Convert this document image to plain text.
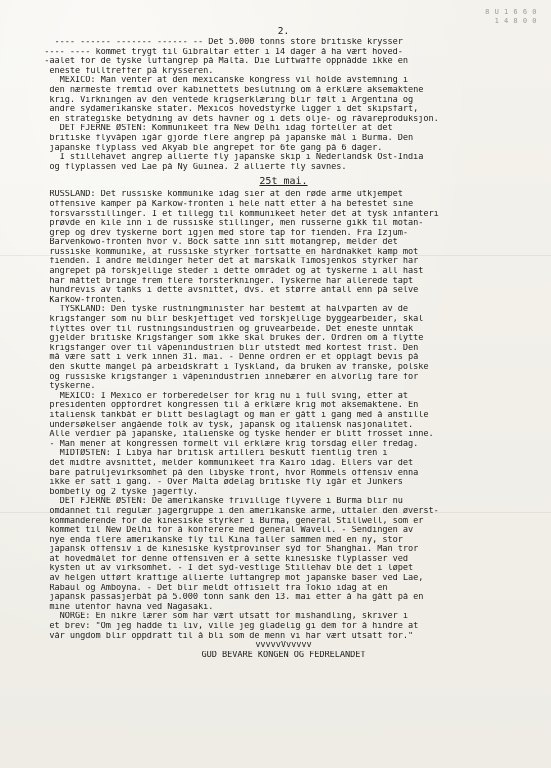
8 U 1 6 6 0
1 4 8 0 0
2.
---- ------ ------- ------ -- Det 5.000 tonns store britiske krysser
---- ---- kommet trygt til Gibraltar etter i 14 dager å ha vært hoved-
-aalet for de tyske luftangrep på Malta. Die Luftwaffe oppnådde ikke en
eneste fulltreffer på krysseren.
MEXICO: Man venter at den mexicanske kongress vil holde avstemning i
den nærmeste fremtid over kabinettets beslutning om å erklære aksemaktene
krig. Virkningen av den ventede krigserklæring blir følt i Argentina og
andre sydamerikanske stater. Mexicos hovedstyrke ligger i det skipsfart,
en strategiske betydning av dets havner og i dets olje- og råvareproduksjon.
DET FJERNE ØSTEN: Kommunikeet fra New Delhi idag forteller at det
britiske flyvåpen igår gjorde flere angrep på japanske mål i Burma. Den
japanske flyplass ved Akyab ble angrepet for 6te gang på 6 dager.
I stillehavet angrep allierte fly japanske skip i Nederlandsk Ost-India
og flyplassen ved Lae på Ny Guinea. 2 allierte fly savnes.
25t mai.
RUSSLAND: Det russiske kommunike idag sier at den røde armé utkjempet
offensive kamper på Karkow-fronten i hele natt etter å ha befestet sine
forsvarsstillinger. I et tillegg til kommunikeet heter det at tysk infanteri
prøvde en kile inn i de russiske stillinger, men russerne gikk til motan-
grep og drev tyskerne bort igjen med store tap for fienden. Fra Izjum-
Barvenkowo-fronten hvor v. Bock satte inn sitt motangrep, melder det
russiske kommunike, at russiske styrker fortsatte en hårdnakket kamp mot
fienden. I andre meldinger heter det at marskalk Timosjenkos styrker har
angrepet på forskjellige steder i dette området og at tyskerne i all hast
har måttet bringe frem flere forsterkninger. Tyskerne har allerede tapt
hundrevis av tanks i dette avsnittet, dvs. et større antall enn på selve
Karkow-fronten.
TYSKLAND: Den tyske rustningminister har bestemt at halvparten av de
krigsfanger som nu blir beskjeftiget ved forskjellige byggearbeider, skal
flyttes over til rustningsindustrien og gruvearbeide. Det eneste unntak
gjelder britiske Krigsfanger som ikke skal brukes der. Ordren om å flytte
krigsfanger over til våpenindustrien blir utstedt med kortest frist. Den
må være satt i verk innen 31. mai. - Denne ordren er et opplagt bevis på
den skutte mangel på arbeidskraft i Tyskland, da bruken av franske, polske
og russiske krigsfanger i våpenindustrien innebærer en alvorlig fare for
tyskerne.
MEXICO: I Mexico er forberedelser for krig nu i full sving, etter at
presidenten oppfordret kongressen til å erklære krig mot aksemaktene. En
italiensk tankbåt er blitt beslaglagt og man er gått i gang med å anstille
undersøkelser angående folk av tysk, japansk og italiensk nasjonalitet.
Alle verdier på japanske, italienske og tyske hender er blitt frosset inne.
- Man mener at kongressen formelt vil erklære krig torsdag eller fredag.
MIDTØSTEN: I Libya har britisk artilleri beskutt fientlig tren i
det midtre avsnittet, melder kommunikeet fra Kairo idag. Ellers var det
bare patruljevirksomhet på den libyske front, hvor Rommels offensiv enna
ikke er satt i gang. - Over Malta ødelag britiske fly igår et Junkers
bombefly og 2 tyske jagerfly.
DET FJERNE ØSTEN: De amerikanske frivillige flyvere i Burma blir nu
omdannet til regulær jagergruppe i den amerikanske armé, uttaler den øverst-
kommanderende for de kinesiske styrker i Burma, general Stillwell, som er
kommet til New Delhi for å konferere med general Wavell. - Sendingen av
nye enda flere amerikanske fly til Kina faller sammen med en ny, stor
japansk offensiv i de kinesiske kystprovinser syd for Shanghai. Man tror
at hovedmålet for denne offensiven er å sette kinesiske flyplasser ved
kysten ut av virksomhet. - I det syd-vestlige Stillehav ble det i løpet
av helgen utført kraftige allierte luftangrep mot japanske baser ved Lae,
Rabaul og Amboyna. - Det blir meldt offisielt fra Tokio idag at en
japansk passasjerbåt på 5.000 tonn sank den 13. mai etter å ha gått på en
mine utenfor havna ved Nagasaki.
NORGE: En nikre lærer som har vært utsatt for mishandling, skriver i
et brev: "Om jeg hadde ti liv, ville jeg gladelig gi dem for å hindre at
vår ungdom blir oppdratt til å bli som de menn vi har vært utsatt for."
vvvvvVvvvvv
GUD BEVARE KONGEN OG FEDRELANDET
